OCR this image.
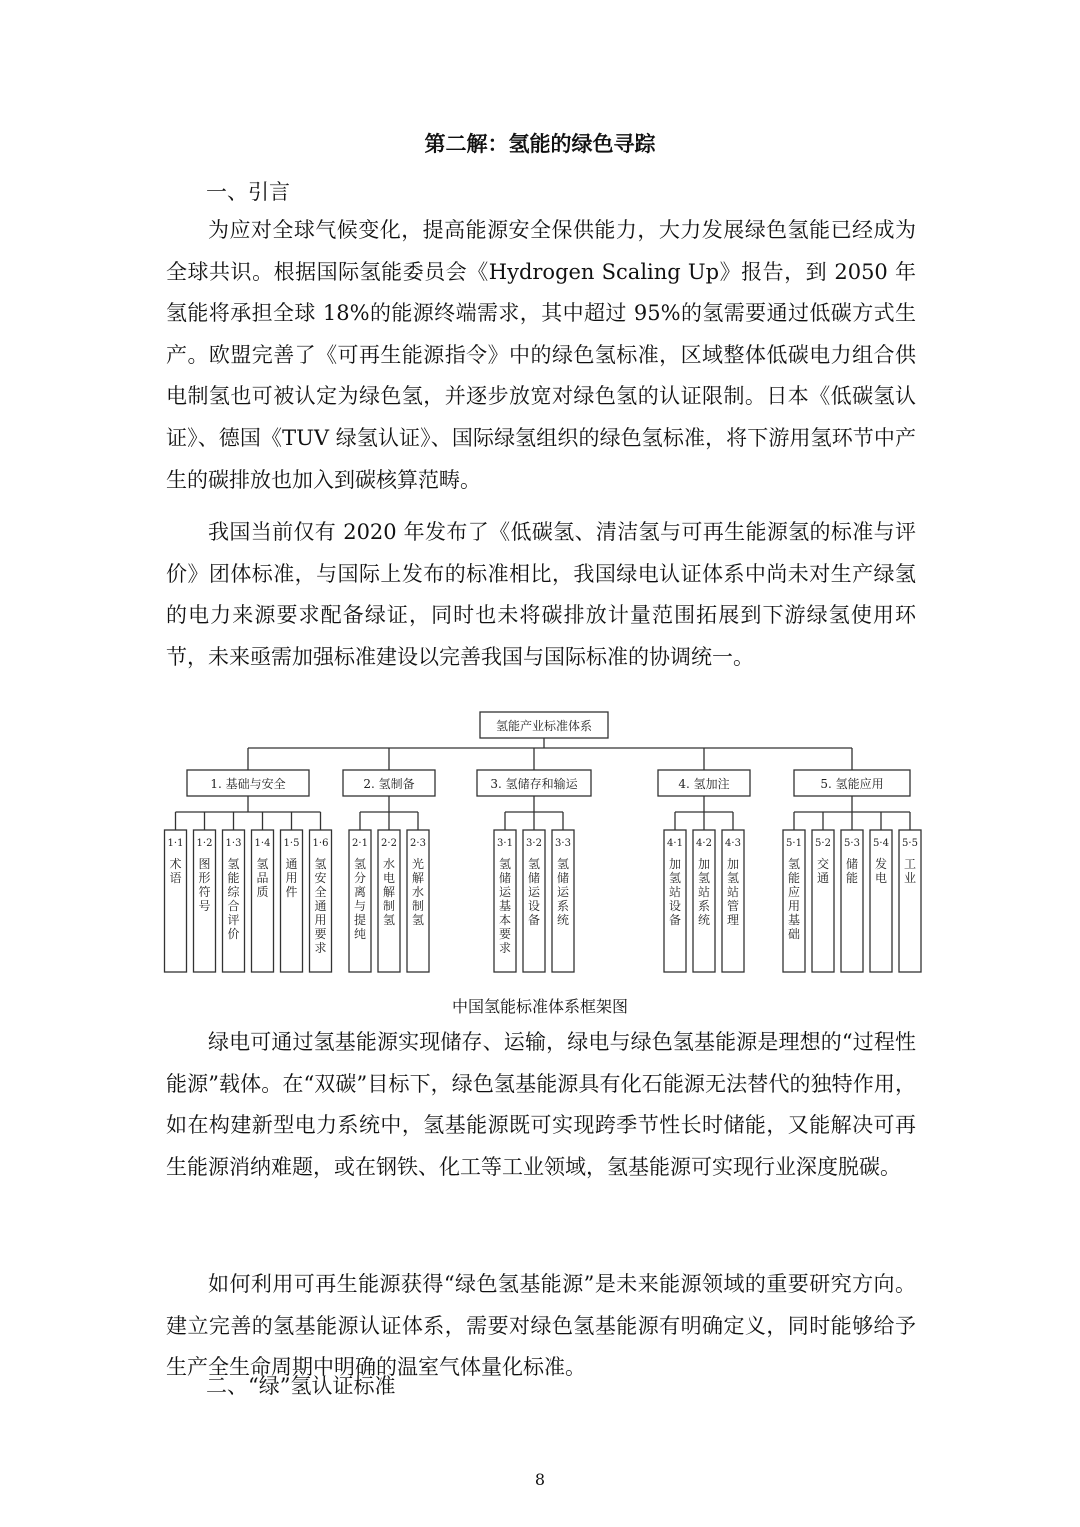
第二解：氢能的绿色寻踪
一、引言

为应对全球气候变化，提高能源安全保供能力，大力发展绿色氢能已经成为全球共识。根据国际氢能委员会《Hydrogen Scaling Up》报告，到 2050 年氢能将承担全球 18%的能源终端需求，其中超过 95%的氢需要通过低碳方式生产。欧盟完善了《可再生能源指令》中的绿色氢标准，区域整体低碳电力组合供电制氢也可被认定为绿色氢，并逐步放宽对绿色氢的认证限制。日本《低碳氢认证》、德国《TUV 绿氢认证》、国际绿氢组织的绿色氢标准，将下游用氢环节中产生的碳排放也加入到碳核算范畴。

我国当前仅有 2020 年发布了《低碳氢、清洁氢与可再生能源氢的标准与评价》团体标准，与国际上发布的标准相比，我国绿电认证体系中尚未对生产绿氢的电力来源要求配备绿证，同时也未将碳排放计量范围拓展到下游绿氢使用环节，未来亟需加强标准建设以完善我国与国际标准的协调统一。

氢能产业标准体系
1. 基础与安全
1·1 术语
1·2 图形符号
1·3 氢能综合评价
1·4 氢品质
1·5 通用件
1·6 氢安全通用要求
2. 氢制备
2·1 氢分离与提纯
2·2 水电解制氢
2·3 光解水制氢
3. 氢储存和输运
3·1 氢储运基本要求
3·2 氢储运设备
3·3 氢储运系统
4. 氢加注
4·1 加氢站设备
4·2 加氢站系统
4·3 加氢站管理
5. 氢能应用
5·1 氢能应用基础
5·2 交通
5·3 储能
5·4 发电
5·5 工业
中国氢能标准体系框架图

绿电可通过氢基能源实现储存、运输，绿电与绿色氢基能源是理想的“过程性能源”载体。在“双碳”目标下，绿色氢基能源具有化石能源无法替代的独特作用，如在构建新型电力系统中，氢基能源既可实现跨季节性长时储能，又能解决可再生能源消纳难题，或在钢铁、化工等工业领域，氢基能源可实现行业深度脱碳。

如何利用可再生能源获得“绿色氢基能源”是未来能源领域的重要研究方向。建立完善的氢基能源认证体系，需要对绿色氢基能源有明确定义，同时能够给予生产全生命周期中明确的温室气体量化标准。

二、“绿”氢认证标准
8
